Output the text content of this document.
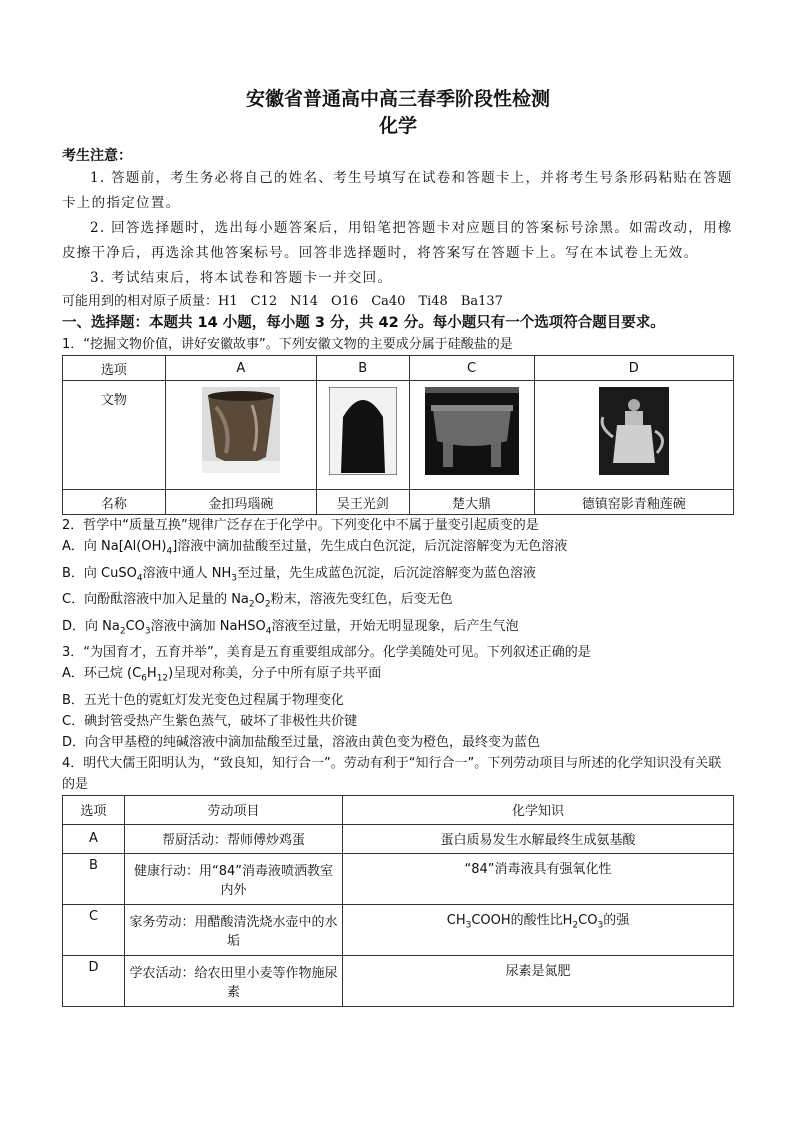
安徽省普通高中高三春季阶段性检测
化学
考生注意：
1. 答题前，考生务必将自己的姓名、考生号填写在试卷和答题卡上，并将考生号条形码粘贴在答题卡上的指定位置。
2. 回答选择题时，选出每小题答案后，用铅笔把答题卡对应题目的答案标号涂黑。如需改动，用橡皮擦干净后，再选涂其他答案标号。回答非选择题时，将答案写在答题卡上。写在本试卷上无效。
3. 考试结束后，将本试卷和答题卡一并交回。
可能用到的相对原子质量：H1　C12　N14　O16　Ca40　Ti48　Ba137
一、选择题：本题共 14 小题，每小题 3 分，共 42 分。每小题只有一个选项符合题目要求。
1．“挖掘文物价值，讲好安徽故事”。下列安徽文物的主要成分属于硅酸盐的是
选项	A	B	C	D
文物	

名称	金扣玛瑙碗	吴王光剑	楚大鼎	德镇窑影青釉莲碗
2．哲学中“质量互换”规律广泛存在于化学中。下列变化中不属于量变引起质变的是
A．向 $Na[Al(OH)_4]$溶液中滴加盐酸至过量，先生成白色沉淀，后沉淀溶解变为无色溶液
B．向 CuSO$_4$溶液中通人 $NH_3$至过量，先生成蓝色沉淀，后沉淀溶解变为蓝色溶液
C．向酚酞溶液中加入足量的 $Na_2O_2$粉末，溶液先变红色，后变无色
D．向 $Na_2CO_3$溶液中滴加 NaHSO$_4$溶液至过量，开始无明显现象，后产生气泡
3．“为国育才，五育并举”，美育是五育重要组成部分。化学美随处可见。下列叙述正确的是
A．环己烷 $(C_6H_{12})$呈现对称美，分子中所有原子共平面
B．五光十色的霓虹灯发光变色过程属于物理变化
C．碘封管受热产生紫色蒸气，破坏了非极性共价键
D．向含甲基橙的纯碱溶液中滴加盐酸至过量，溶液由黄色变为橙色，最终变为蓝色
4．明代大儒王阳明认为，“致良知，知行合一”。劳动有利于“知行合一”。下列劳动项目与所述的化学知识没有关联的是
选项	劳动项目	化学知识
A	帮厨活动：帮师傅炒鸡蛋	蛋白质易发生水解最终生成氨基酸
B	健康行动：用“84”消毒液喷洒教室内外	“84”消毒液具有强氧化性
C	家务劳动：用醋酸清洗烧水壶中的水垢	$CH_3COOH$的酸性比$H_2CO_3$的强
D	学农活动：给农田里小麦等作物施尿素	尿素是氮肥
